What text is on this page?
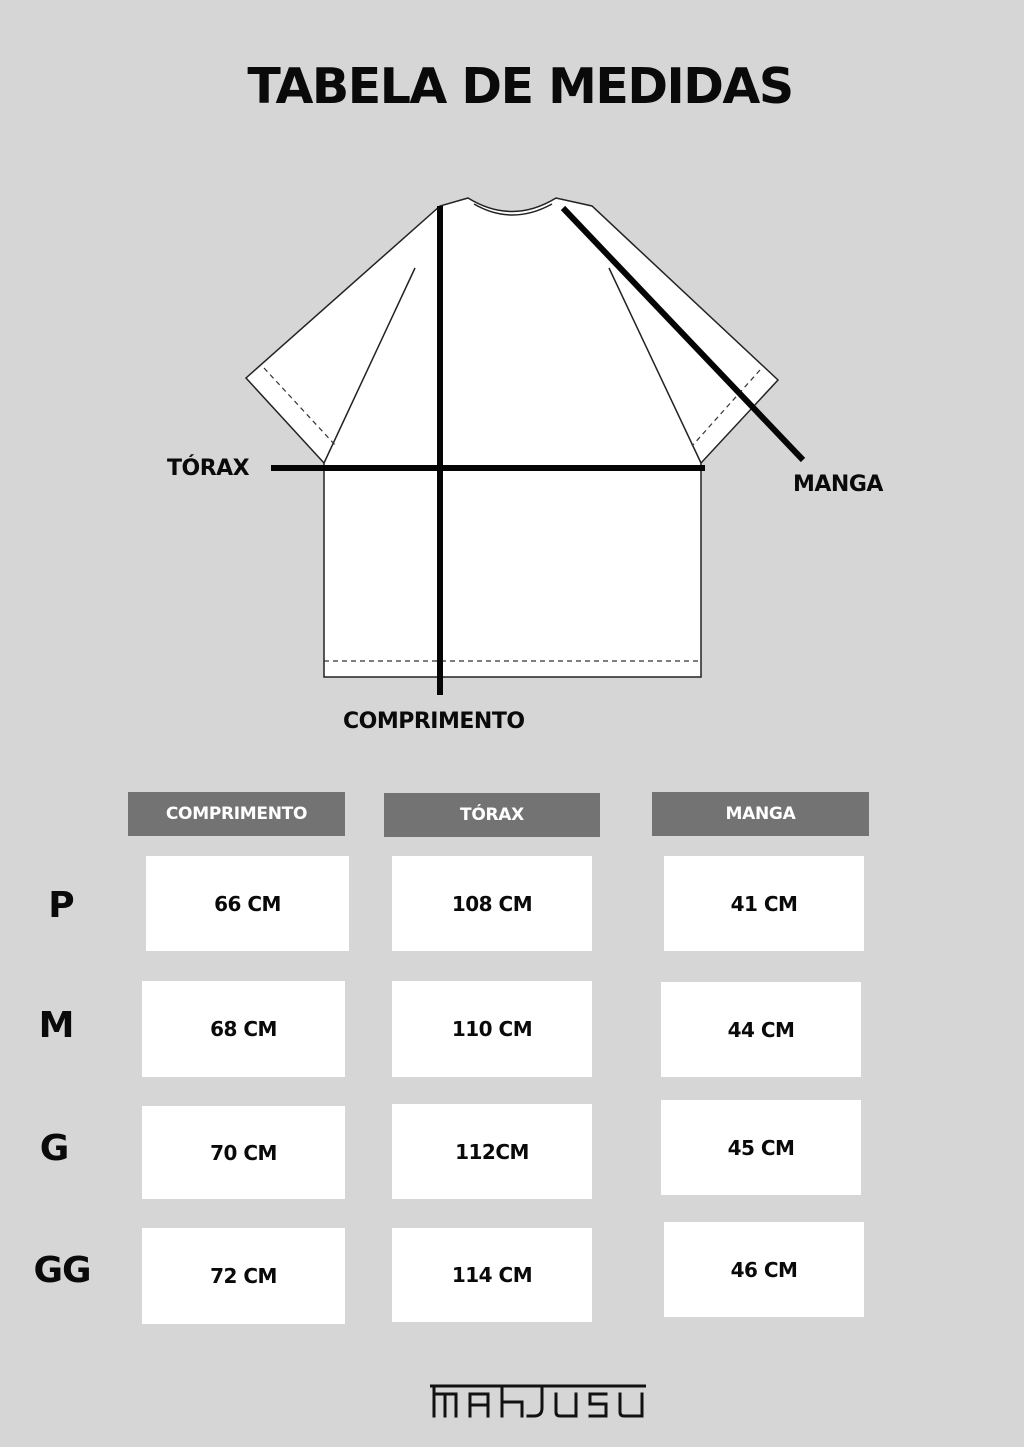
TABELA DE MEDIDAS
TÓRAX
MANGA
COMPRIMENTO
COMPRIMENTO	TÓRAX	MANGA
P	66 CM	108 CM	41 CM
M	68 CM	110 CM	44 CM
G	70 CM	112CM	45 CM
GG	72 CM	114 CM	46 CM
